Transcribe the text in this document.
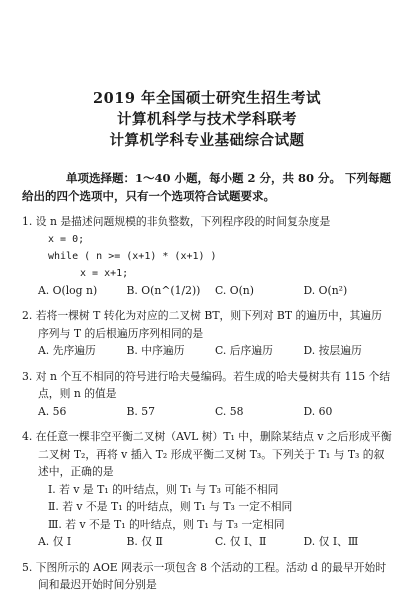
2019 年全国硕士研究生招生考试
计算机科学与技术学科联考
计算机学科专业基础综合试题
单项选择题：1～40 小题，每小题 2 分，共 80 分。 下列每题给出的四个选项中，只有一个选项符合试题要求。
1. 设 n 是描述问题规模的非负整数，下列程序段的时间复杂度是
x = 0;
while ( n >= (x+1) * (x+1) )
x = x+1;
A. O(log n)	B. O(n^(1/2))	C. O(n)	D. O(n²)
2. 若将一棵树 T 转化为对应的二叉树 BT，则下列对 BT 的遍历中，其遍历序列与 T 的后根遍历序列相同的是
A. 先序遍历	B. 中序遍历	C. 后序遍历	D. 按层遍历
3. 对 n 个互不相同的符号进行哈夫曼编码。若生成的哈夫曼树共有 115 个结点，则 n 的值是
A. 56	B. 57	C. 58	D. 60
4. 在任意一棵非空平衡二叉树（AVL 树）T₁ 中，删除某结点 v 之后形成平衡二叉树 T₂，再将 v 插入 T₂ 形成平衡二叉树 T₃。下列关于 T₁ 与 T₃ 的叙述中，正确的是
Ⅰ. 若 v 是 T₁ 的叶结点，则 T₁ 与 T₃ 可能不相同
Ⅱ. 若 v 不是 T₁ 的叶结点，则 T₁ 与 T₃ 一定不相同
Ⅲ. 若 v 不是 T₁ 的叶结点，则 T₁ 与 T₃ 一定相同
A. 仅 Ⅰ	B. 仅 Ⅱ	C. 仅 Ⅰ、Ⅱ	D. 仅 Ⅰ、Ⅲ
5. 下图所示的 AOE 网表示一项包含 8 个活动的工程。活动 d 的最早开始时间和最迟开始时间分别是
